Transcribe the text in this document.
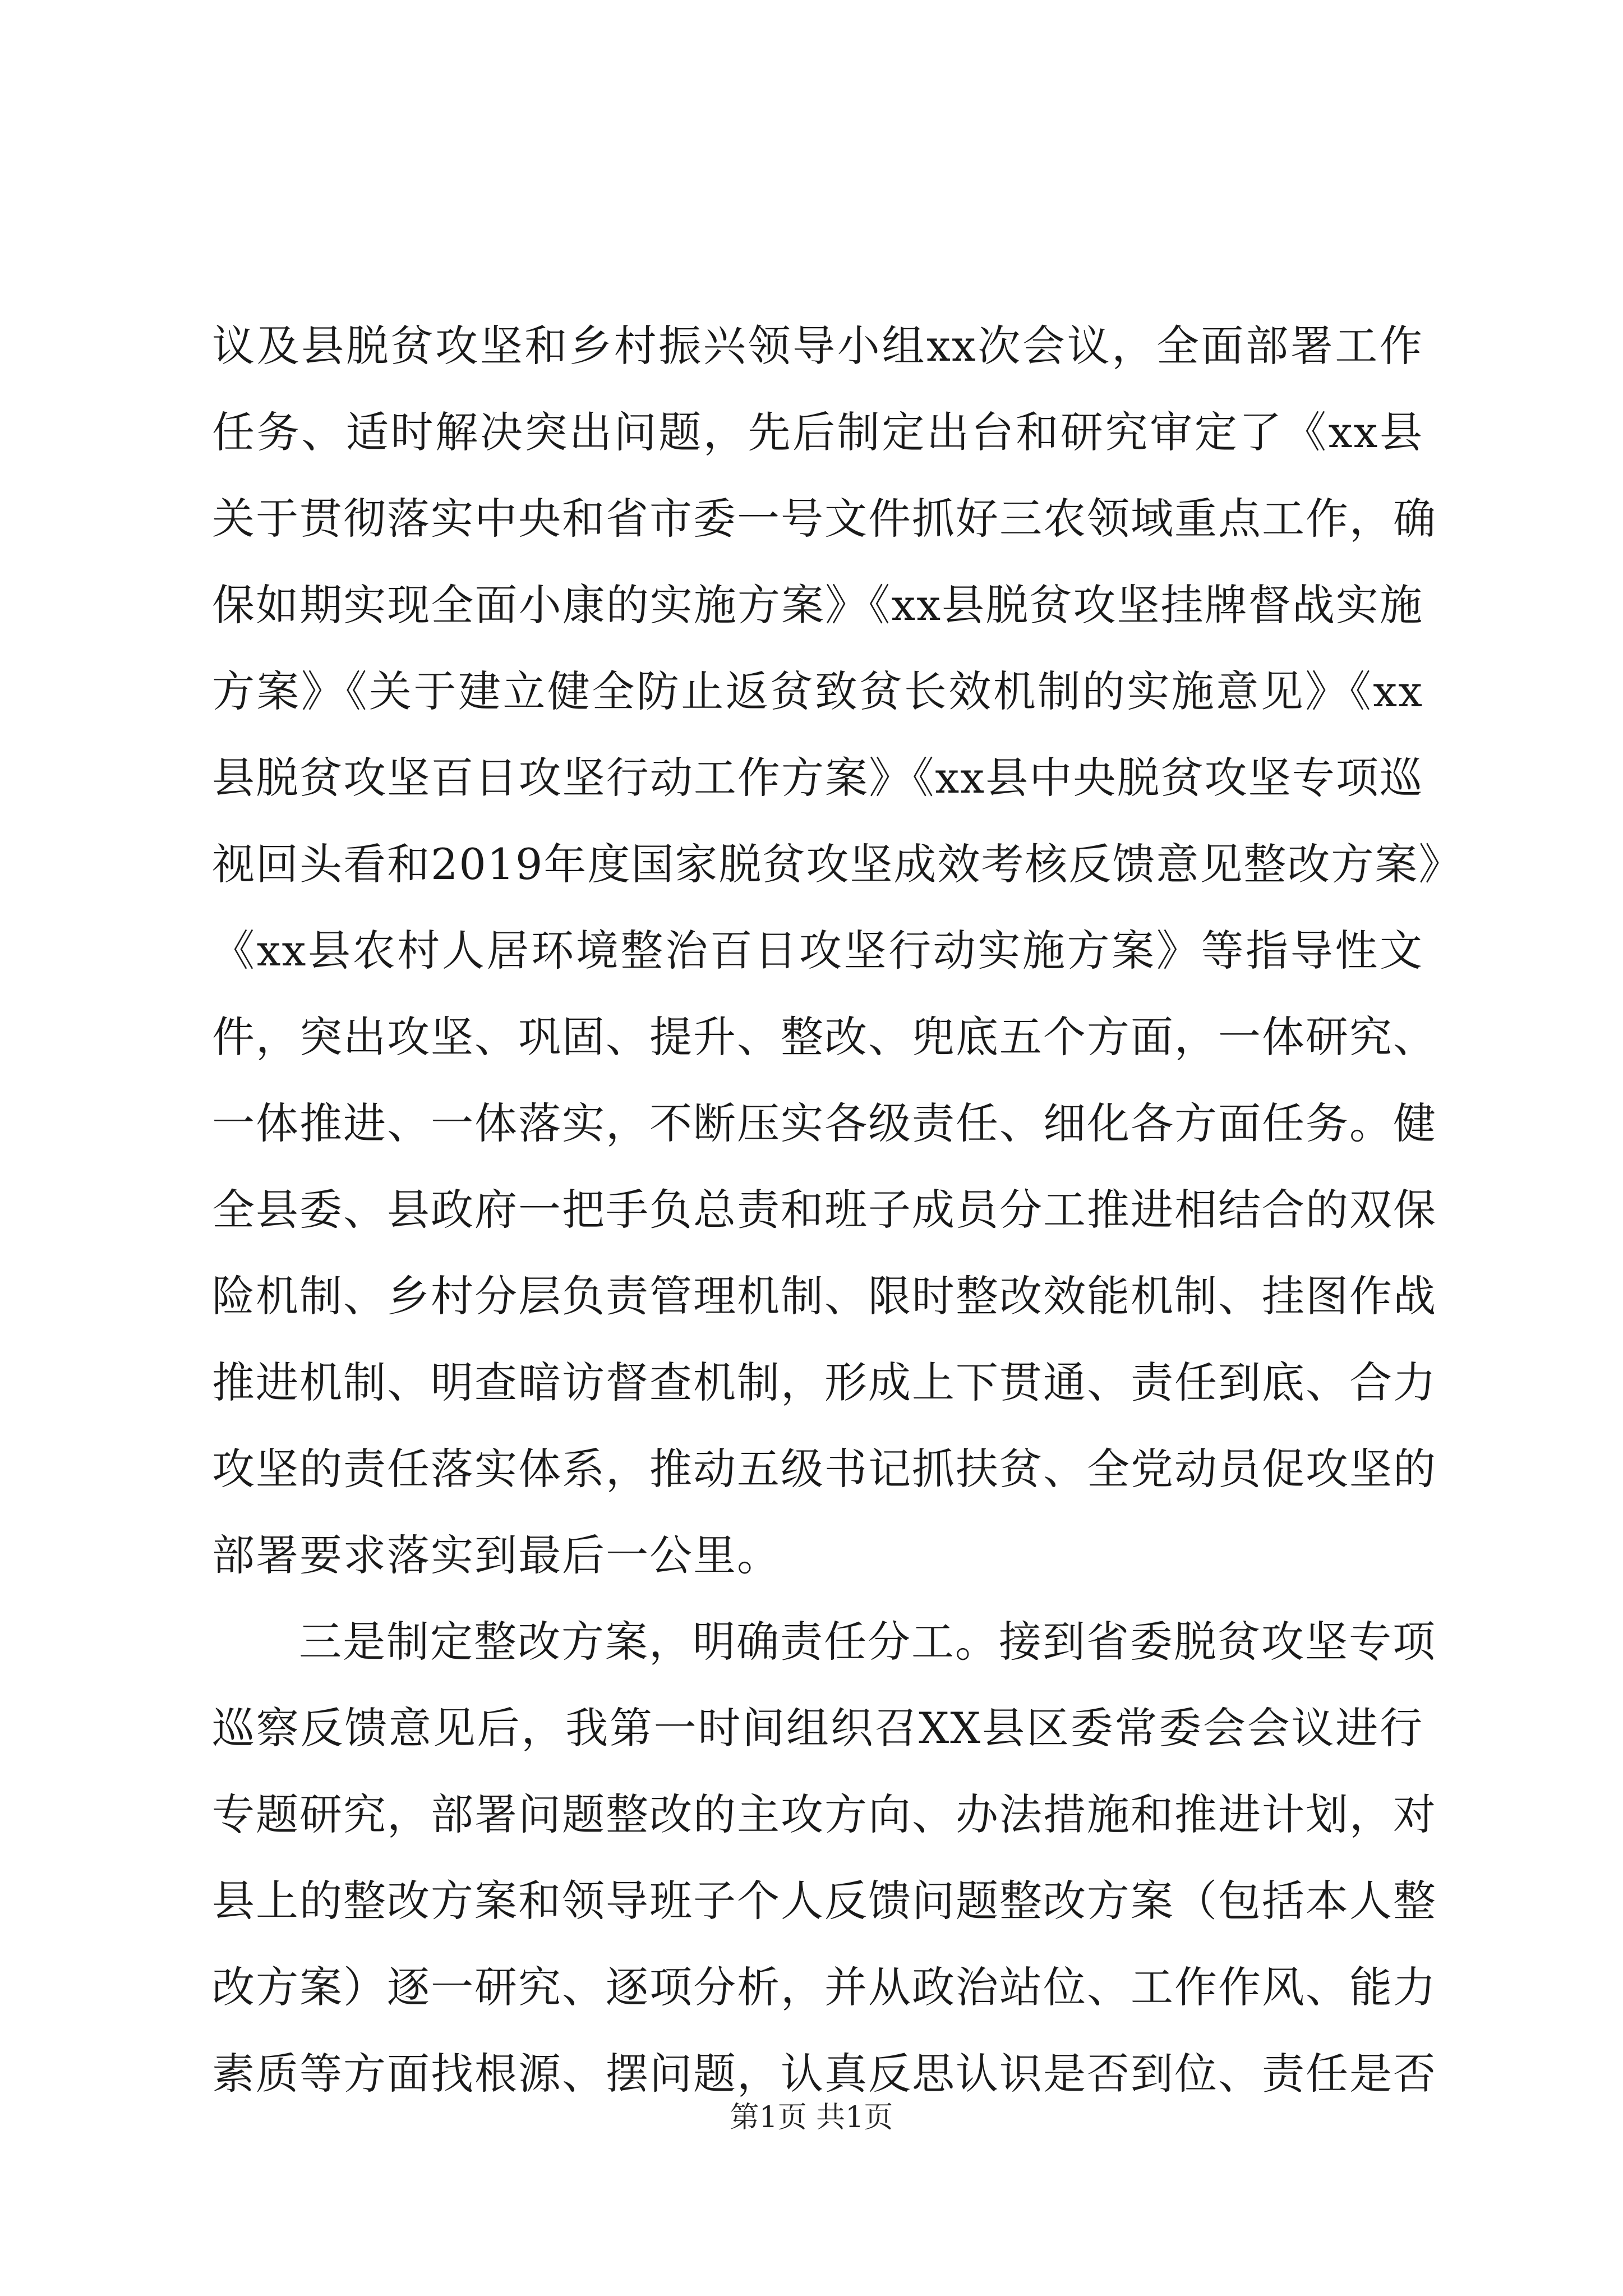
议及县脱贫攻坚和乡村振兴领导小组xx次会议，全面部署工作
任务、适时解决突出问题，先后制定出台和研究审定了《xx县
关于贯彻落实中央和省市委一号文件抓好三农领域重点工作，确
保如期实现全面小康的实施方案》《xx县脱贫攻坚挂牌督战实施
方案》《关于建立健全防止返贫致贫长效机制的实施意见》《xx
县脱贫攻坚百日攻坚行动工作方案》《xx县中央脱贫攻坚专项巡
视回头看和2019年度国家脱贫攻坚成效考核反馈意见整改方案》
《xx县农村人居环境整治百日攻坚行动实施方案》等指导性文
件，突出攻坚、巩固、提升、整改、兜底五个方面，一体研究、
一体推进、一体落实，不断压实各级责任、细化各方面任务。健
全县委、县政府一把手负总责和班子成员分工推进相结合的双保
险机制、乡村分层负责管理机制、限时整改效能机制、挂图作战
推进机制、明查暗访督查机制，形成上下贯通、责任到底、合力
攻坚的责任落实体系，推动五级书记抓扶贫、全党动员促攻坚的
部署要求落实到最后一公里。
三是制定整改方案，明确责任分工。接到省委脱贫攻坚专项
巡察反馈意见后，我第一时间组织召XX县区委常委会会议进行
专题研究，部署问题整改的主攻方向、办法措施和推进计划，对
县上的整改方案和领导班子个人反馈问题整改方案（包括本人整
改方案）逐一研究、逐项分析，并从政治站位、工作作风、能力
素质等方面找根源、摆问题，认真反思认识是否到位、责任是否
第1页 共1页
